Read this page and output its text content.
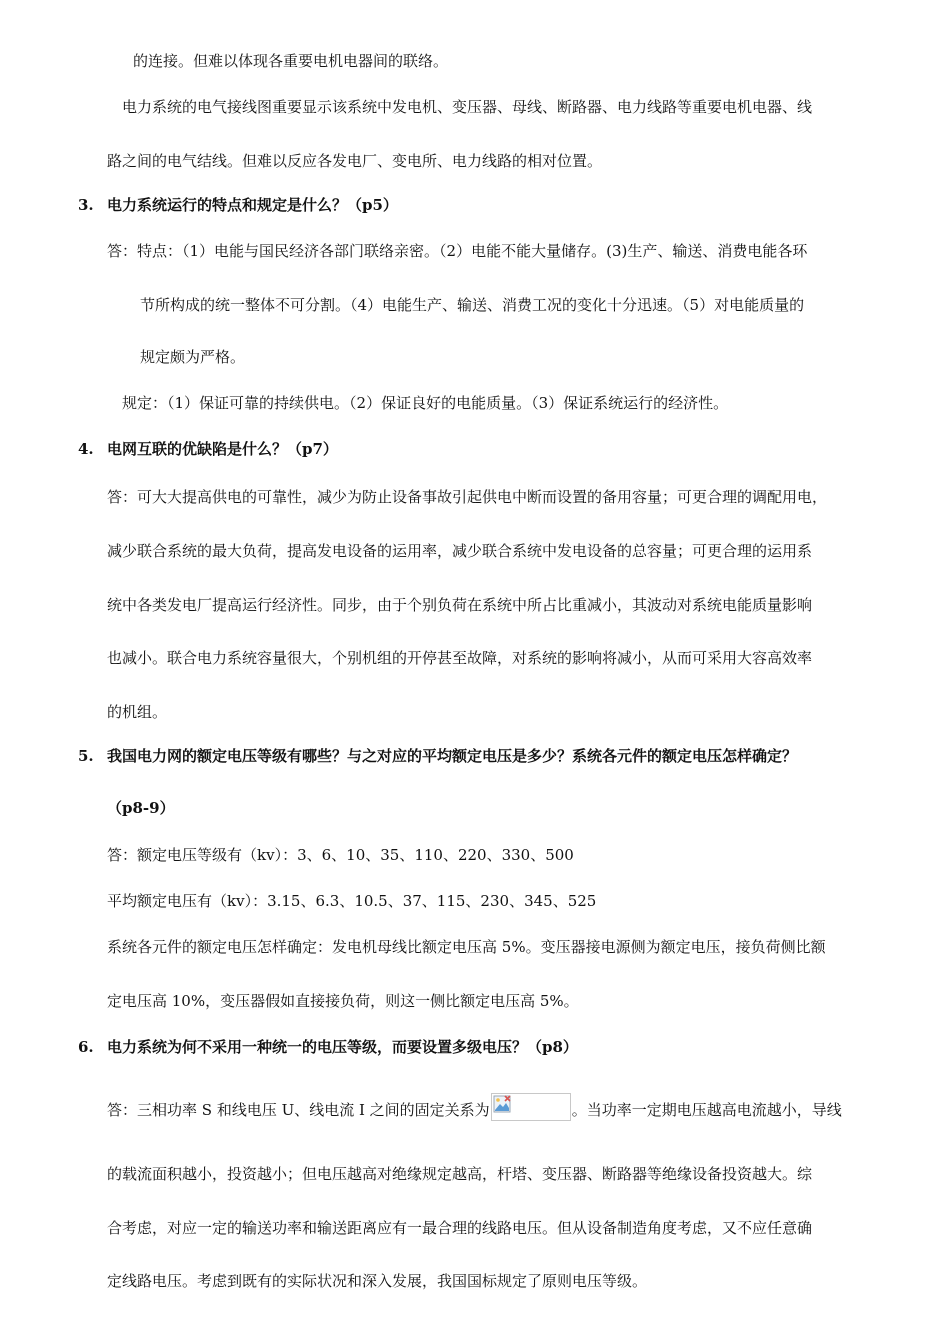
的连接。但难以体现各重要电机电器间的联络。
电力系统的电气接线图重要显示该系统中发电机、变压器、母线、断路器、电力线路等重要电机电器、线
路之间的电气结线。但难以反应各发电厂、变电所、电力线路的相对位置。
3. 电力系统运行的特点和规定是什么？（p5）
答：特点：（1）电能与国民经济各部门联络亲密。（2）电能不能大量储存。(3)生产、输送、消费电能各环
节所构成的统一整体不可分割。（4）电能生产、输送、消费工况的变化十分迅速。（5）对电能质量的
规定颇为严格。
规定：（1）保证可靠的持续供电。（2）保证良好的电能质量。（3）保证系统运行的经济性。
4. 电网互联的优缺陷是什么？（p7）
答：可大大提高供电的可靠性，减少为防止设备事故引起供电中断而设置的备用容量；可更合理的调配用电，
减少联合系统的最大负荷，提高发电设备的运用率，减少联合系统中发电设备的总容量；可更合理的运用系
统中各类发电厂提高运行经济性。同步，由于个别负荷在系统中所占比重减小，其波动对系统电能质量影响
也减小。联合电力系统容量很大，个别机组的开停甚至故障，对系统的影响将减小，从而可采用大容高效率
的机组。
5. 我国电力网的额定电压等级有哪些？与之对应的平均额定电压是多少？系统各元件的额定电压怎样确定？
（p8-9）
答：额定电压等级有（kv）：3、6、10、35、110、220、330、500
平均额定电压有（kv）：3.15、6.3、10.5、37、115、230、345、525
系统各元件的额定电压怎样确定：发电机母线比额定电压高 5%。变压器接电源侧为额定电压，接负荷侧比额
定电压高 10%，变压器假如直接接负荷，则这一侧比额定电压高 5%。
6. 电力系统为何不采用一种统一的电压等级，而要设置多级电压？（p8）
答：三相功率 S 和线电压 U、线电流 I 之间的固定关系为	。当功率一定期电压越高电流越小，导线
的载流面积越小，投资越小；但电压越高对绝缘规定越高，杆塔、变压器、断路器等绝缘设备投资越大。综
合考虑，对应一定的输送功率和输送距离应有一最合理的线路电压。但从设备制造角度考虑，又不应任意确
定线路电压。考虑到既有的实际状况和深入发展，我国国标规定了原则电压等级。
